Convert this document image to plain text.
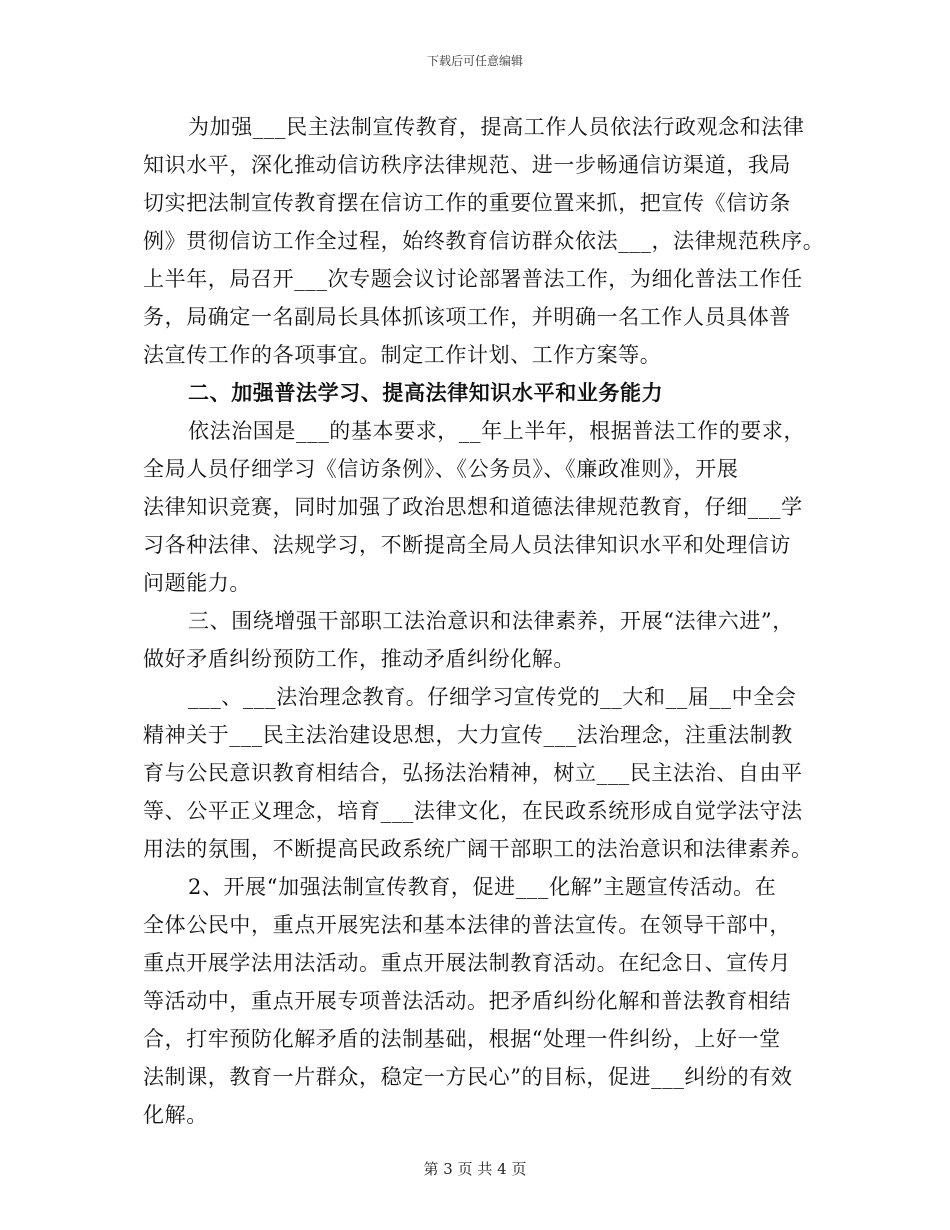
下载后可任意编辑
为加强___民主法制宣传教育，提高工作人员依法行政观念和法律
知识水平，深化推动信访秩序法律规范、进一步畅通信访渠道，我局
切实把法制宣传教育摆在信访工作的重要位置来抓，把宣传《信访条
例》贯彻信访工作全过程，始终教育信访群众依法___，法律规范秩序。
上半年，局召开___次专题会议讨论部署普法工作，为细化普法工作任
务，局确定一名副局长具体抓该项工作，并明确一名工作人员具体普
法宣传工作的各项事宜。制定工作计划、工作方案等。
二、加强普法学习、提高法律知识水平和业务能力
依法治国是___的基本要求，__年上半年，根据普法工作的要求，
全局人员仔细学习《信访条例》、《公务员》、《廉政准则》，开展
法律知识竞赛，同时加强了政治思想和道德法律规范教育，仔细___学
习各种法律、法规学习，不断提高全局人员法律知识水平和处理信访
问题能力。
三、围绕增强干部职工法治意识和法律素养，开展“法律六进”，
做好矛盾纠纷预防工作，推动矛盾纠纷化解。
___、___法治理念教育。仔细学习宣传党的__大和__届__中全会
精神关于___民主法治建设思想，大力宣传___法治理念，注重法制教
育与公民意识教育相结合，弘扬法治精神，树立___民主法治、自由平
等、公平正义理念，培育___法律文化，在民政系统形成自觉学法守法
用法的氛围，不断提高民政系统广阔干部职工的法治意识和法律素养。
2、开展“加强法制宣传教育，促进___化解”主题宣传活动。在
全体公民中，重点开展宪法和基本法律的普法宣传。在领导干部中，
重点开展学法用法活动。重点开展法制教育活动。在纪念日、宣传月
等活动中，重点开展专项普法活动。把矛盾纠纷化解和普法教育相结
合，打牢预防化解矛盾的法制基础，根据“处理一件纠纷，上好一堂
法制课，教育一片群众，稳定一方民心”的目标，促进___纠纷的有效
化解。
第 3 页 共 4 页
